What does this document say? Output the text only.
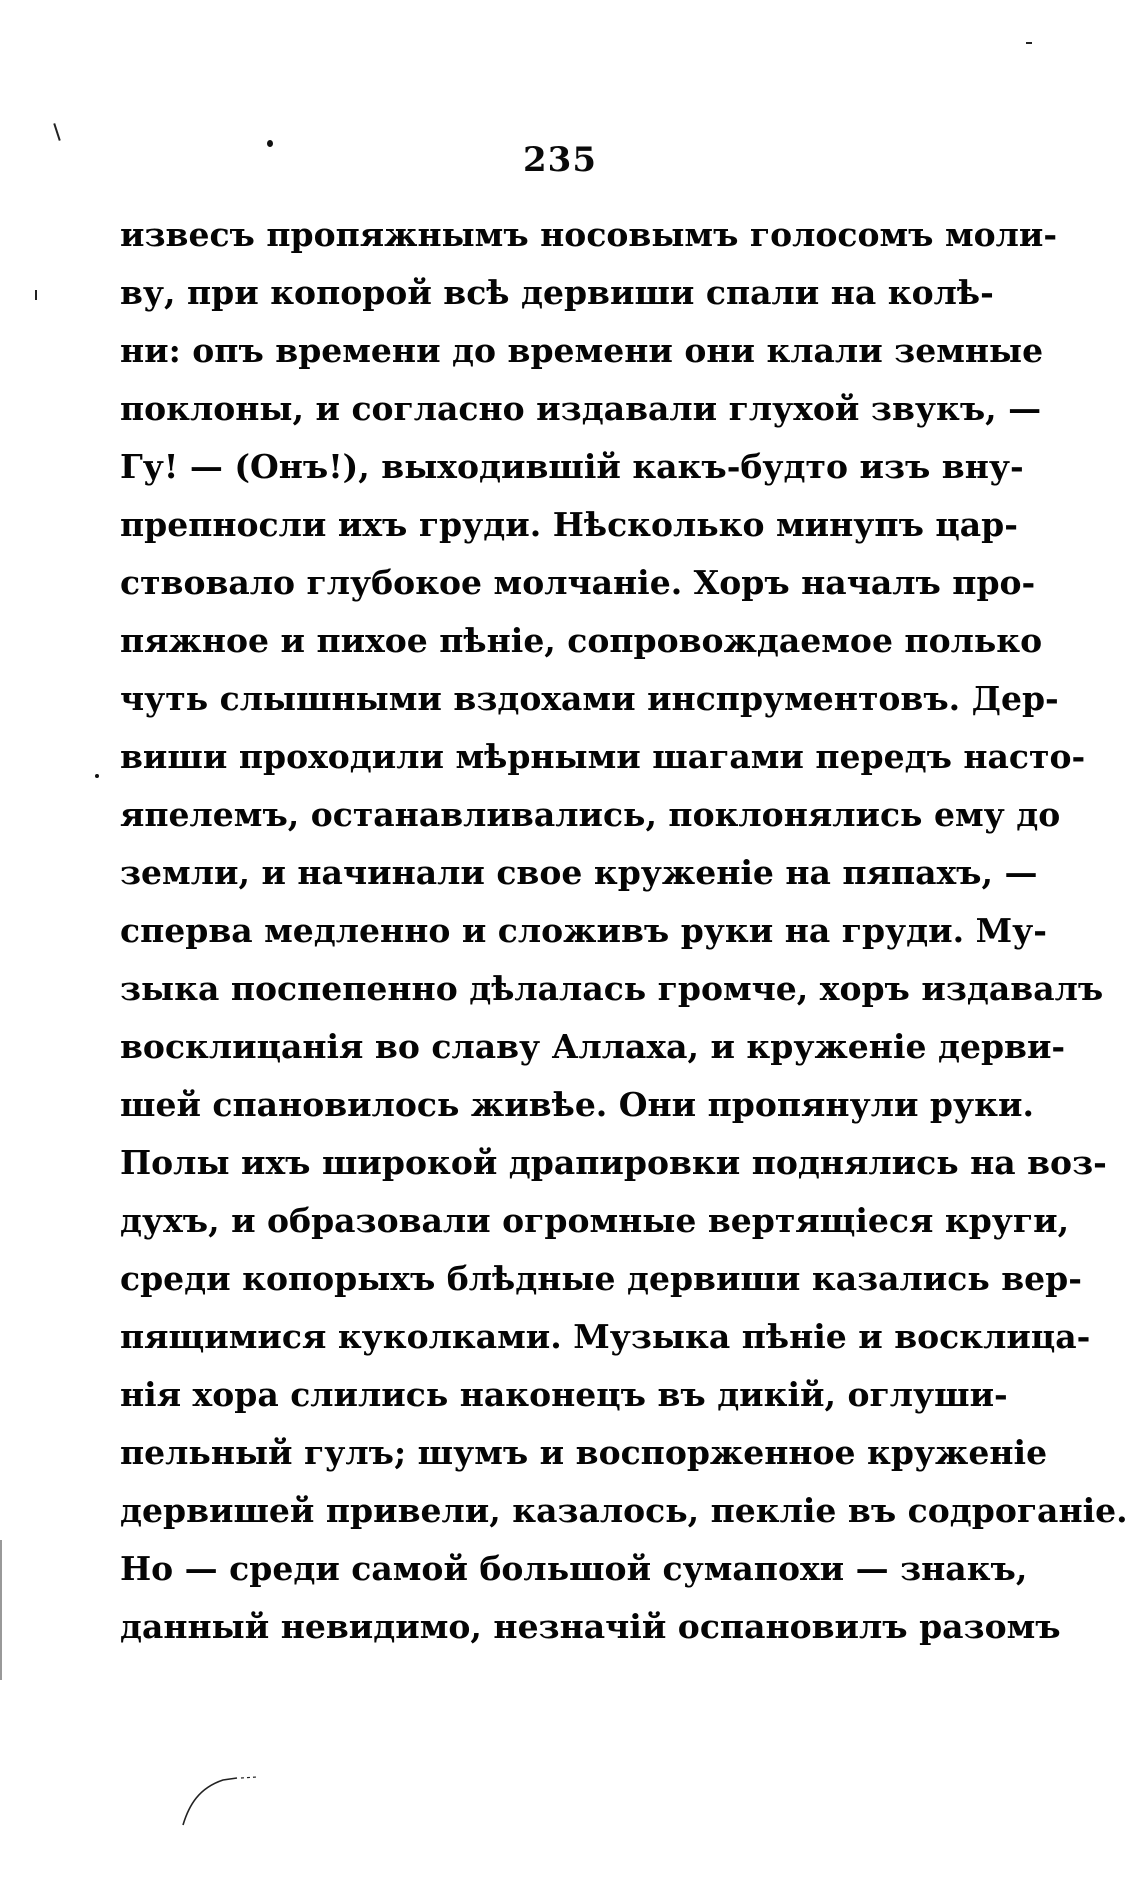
235
извесъ пропяжнымъ носовымъ голосомъ моли-
ву, при копорой всѣ дервиши спали на колѣ-
ни: опъ времени до времени они клали земные
поклоны, и согласно издавали глухой звукъ, —
Гу! — (Онъ!), выходившій какъ-будто изъ вну-
препносли ихъ груди. Нѣсколько минупъ цар-
ствовало глубокое молчаніе. Хоръ началъ про-
пяжное и пихое пѣніе, сопровождаемое полько
чуть слышными вздохами инспрументовъ. Дер-
виши проходили мѣрными шагами передъ насто-
япелемъ, останавливались, поклонялись ему до
земли, и начинали свое круженіе на пяпахъ, —
сперва медленно и сложивъ руки на груди. Му-
зыка поспепенно дѣлалась громче, хоръ издавалъ
восклицанія во славу Аллаха, и круженіе дерви-
шей спановилось живѣе. Они пропянули руки.
Полы ихъ широкой драпировки поднялись на воз-
духъ, и образовали огромные вертящіеся круги,
среди копорыхъ блѣдные дервиши казались вер-
пящимися куколками. Музыка пѣніе и восклица-
нія хора слились наконецъ въ дикій, оглуши-
пельный гулъ; шумъ и воспорженное круженіе
дервишей привели, казалось, пекліе въ содроганіе.
Но — среди самой большой сумапохи — знакъ,
данный невидимо, незначій оспановилъ разомъ
